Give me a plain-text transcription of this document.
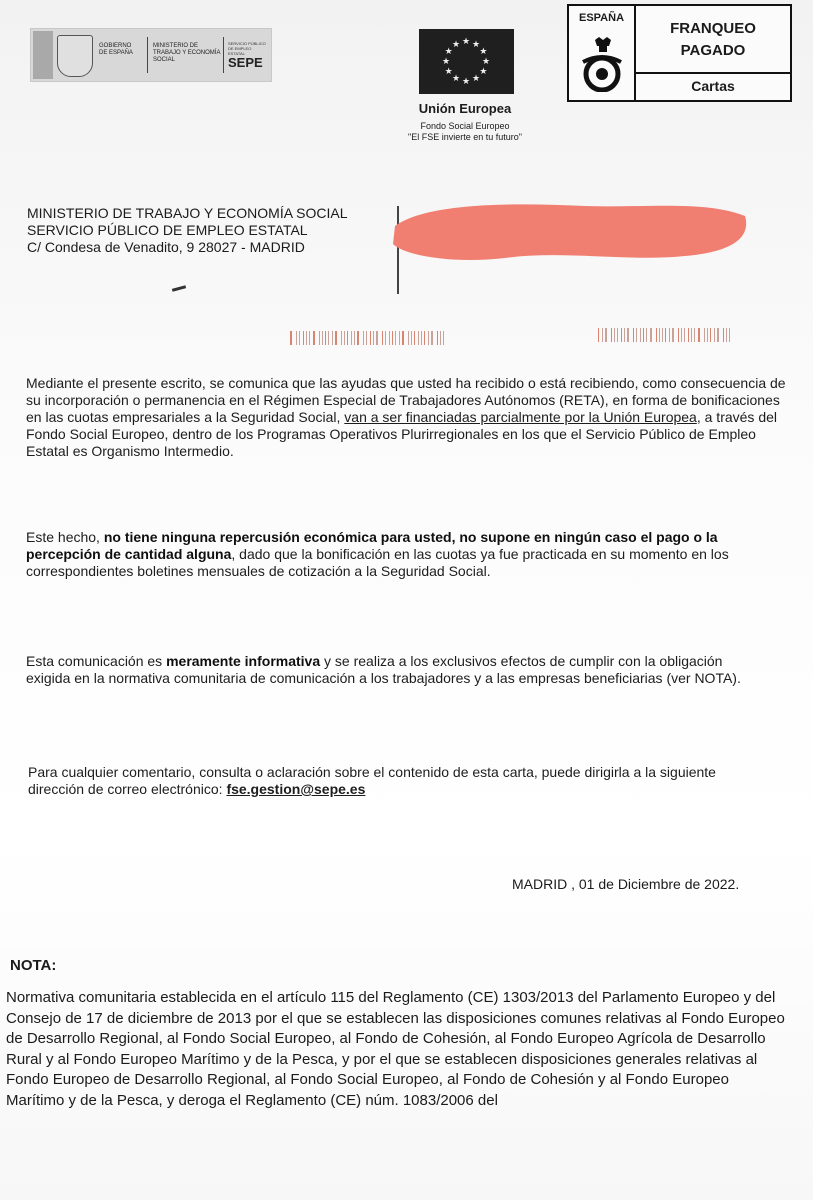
GOBIERNO DE ESPAÑA
MINISTERIO DE TRABAJO Y ECONOMÍA SOCIAL
SERVICIO PÚBLICO DE EMPLEO ESTATAL
SEPE
★ ★
★
★
★
★
★
★
★
★
★
★
Unión Europea
Fondo Social Europeo
"El FSE invierte en tu futuro"
ESPAÑA
FRANQUEO PAGADO
Cartas
MINISTERIO DE TRABAJO Y ECONOMÍA SOCIAL
SERVICIO PÚBLICO DE EMPLEO ESTATAL
C/ Condesa de Venadito, 9 28027 - MADRID
Mediante el presente escrito, se comunica que las ayudas que usted ha recibido o está recibiendo, como consecuencia de su incorporación o permanencia en el Régimen Especial de Trabajadores Autónomos (RETA), en forma de bonificaciones en las cuotas empresariales a la Seguridad Social, van a ser financiadas parcialmente por la Unión Europea, a través del Fondo Social Europeo, dentro de los Programas Operativos Plurirregionales en los que el Servicio Público de Empleo Estatal es Organismo Intermedio.
Este hecho, no tiene ninguna repercusión económica para usted, no supone en ningún caso el pago o la percepción de cantidad alguna, dado que la bonificación en las cuotas ya fue practicada en su momento en los correspondientes boletines mensuales de cotización a la Seguridad Social.
Esta comunicación es meramente informativa y se realiza a los exclusivos efectos de cumplir con la obligación exigida en la normativa comunitaria de comunicación a los trabajadores y a las empresas beneficiarias (ver NOTA).
Para cualquier comentario, consulta o aclaración sobre el contenido de esta carta, puede dirigirla a la siguiente dirección de correo electrónico: fse.gestion@sepe.es
MADRID , 01 de Diciembre de 2022.
NOTA:
Normativa comunitaria establecida en el artículo 115 del Reglamento (CE) 1303/2013 del Parlamento Europeo y del Consejo de 17 de diciembre de 2013 por el que se establecen las disposiciones comunes relativas al Fondo Europeo de Desarrollo Regional, al Fondo Social Europeo, al Fondo de Cohesión, al Fondo Europeo Agrícola de Desarrollo Rural y al Fondo Europeo Marítimo y de la Pesca, y por el que se establecen disposiciones generales relativas al Fondo Europeo de Desarrollo Regional, al Fondo Social Europeo, al Fondo de Cohesión y al Fondo Europeo Marítimo y de la Pesca, y deroga el Reglamento (CE) núm. 1083/2006 del
